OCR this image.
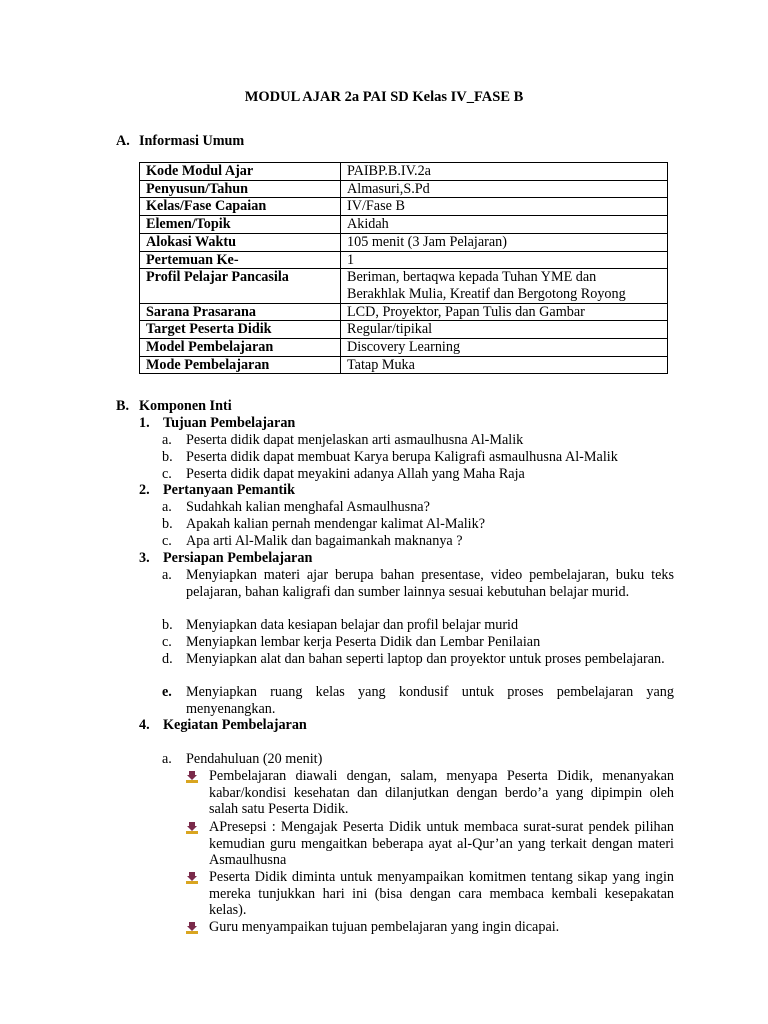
MODUL AJAR 2a PAI SD Kelas IV_FASE B
A. Informasi Umum
Kode Modul Ajar	PAIBP.B.IV.2a
Penyusun/Tahun	Almasuri,S.Pd
Kelas/Fase Capaian	IV/Fase B
Elemen/Topik	Akidah
Alokasi Waktu	105 menit (3 Jam Pelajaran)
Pertemuan Ke-	1
Profil Pelajar Pancasila	Beriman, bertaqwa kepada Tuhan YME dan
Berakhlak Mulia, Kreatif dan Bergotong Royong

Sarana Prasarana	LCD, Proyektor, Papan Tulis dan Gambar
Target Peserta Didik	Regular/tipikal
Model Pembelajaran	Discovery Learning
Mode Pembelajaran	Tatap Muka
B. Komponen Inti
1. Tujuan Pembelajaran
a. Peserta didik dapat menjelaskan arti asmaulhusna Al-Malik
b. Peserta didik dapat membuat Karya berupa Kaligrafi asmaulhusna Al-Malik
c. Peserta didik dapat meyakini adanya Allah yang Maha Raja
2. Pertanyaan Pemantik
a. Sudahkah kalian menghafal Asmaulhusna?
b. Apakah kalian pernah mendengar kalimat Al-Malik?
c. Apa arti Al-Malik dan bagaimankah maknanya ?
3. Persiapan Pembelajaran
a. Menyiapkan materi ajar berupa bahan presentase, video pembelajaran, buku teks pelajaran, bahan kaligrafi dan sumber lainnya sesuai kebutuhan belajar murid.
b. Menyiapkan data kesiapan belajar dan profil belajar murid
c. Menyiapkan lembar kerja Peserta Didik dan Lembar Penilaian
d. Menyiapkan alat dan bahan seperti laptop dan proyektor untuk proses pembelajaran.
e. Menyiapkan ruang kelas yang kondusif untuk proses pembelajaran yang menyenangkan.
4. Kegiatan Pembelajaran
a. Pendahuluan (20 menit)
Pembelajaran diawali dengan, salam, menyapa Peserta Didik, menanyakan kabar/kondisi kesehatan dan dilanjutkan dengan berdo’a yang dipimpin oleh salah satu Peserta Didik.
APresepsi : Mengajak Peserta Didik untuk membaca surat-surat pendek pilihan kemudian guru mengaitkan beberapa ayat al-Qur’an yang terkait dengan materi Asmaulhusna
Peserta Didik diminta untuk menyampaikan komitmen tentang sikap yang ingin mereka tunjukkan hari ini (bisa dengan cara membaca kembali kesepakatan kelas).
Guru menyampaikan tujuan pembelajaran yang ingin dicapai.
